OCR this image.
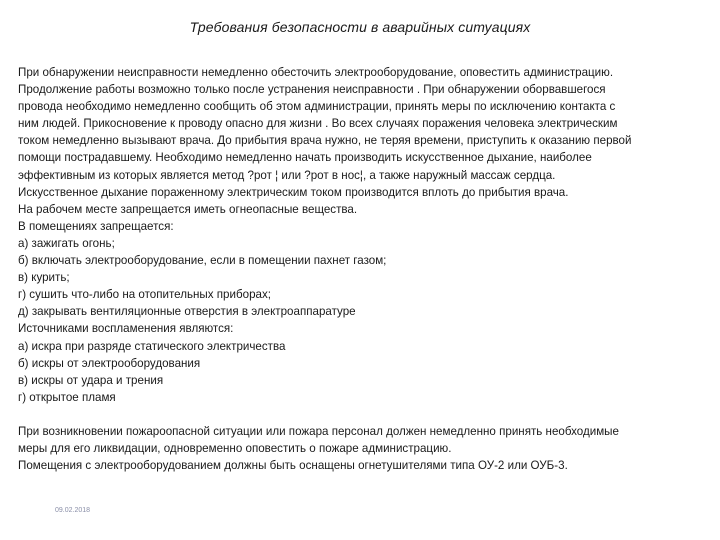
Требования безопасности в аварийных ситуациях
При обнаружении неисправности немедленно обесточить электрооборудование, оповестить администрацию.
Продолжение работы возможно только после устранения неисправности . При обнаружении оборвавшегося
провода необходимо немедленно сообщить об этом администрации, принять меры по исключению контакта с
ним людей. Прикосновение к проводу опасно для жизни . Во всех случаях поражения человека электрическим
током немедленно вызывают врача. До прибытия врача нужно, не теряя времени, приступить к оказанию первой
помощи пострадавшему. Необходимо немедленно начать производить искусственное дыхание, наиболее
эффективным из которых является метод ?рот ¦ или ?рот в нос¦, а также наружный массаж сердца.
Искусственное дыхание пораженному электрическим током производится вплоть до прибытия врача.
На рабочем месте запрещается иметь огнеопасные вещества.
В помещениях запрещается:
а) зажигать огонь;
б) включать электрооборудование, если в помещении пахнет газом;
в) курить;
г) сушить что-либо на отопительных приборах;
д) закрывать вентиляционные отверстия в электроаппаратуре
Источниками воспламенения являются:
а) искра при разряде статического электричества
б) искры от электрооборудования
в) искры от удара и трения
г) открытое пламя
При возникновении пожароопасной ситуации или пожара персонал должен немедленно принять необходимые
меры для его ликвидации, одновременно оповестить о пожаре администрацию.
Помещения с электрооборудованием должны быть оснащены огнетушителями типа ОУ-2 или ОУБ-3.
09.02.2018
